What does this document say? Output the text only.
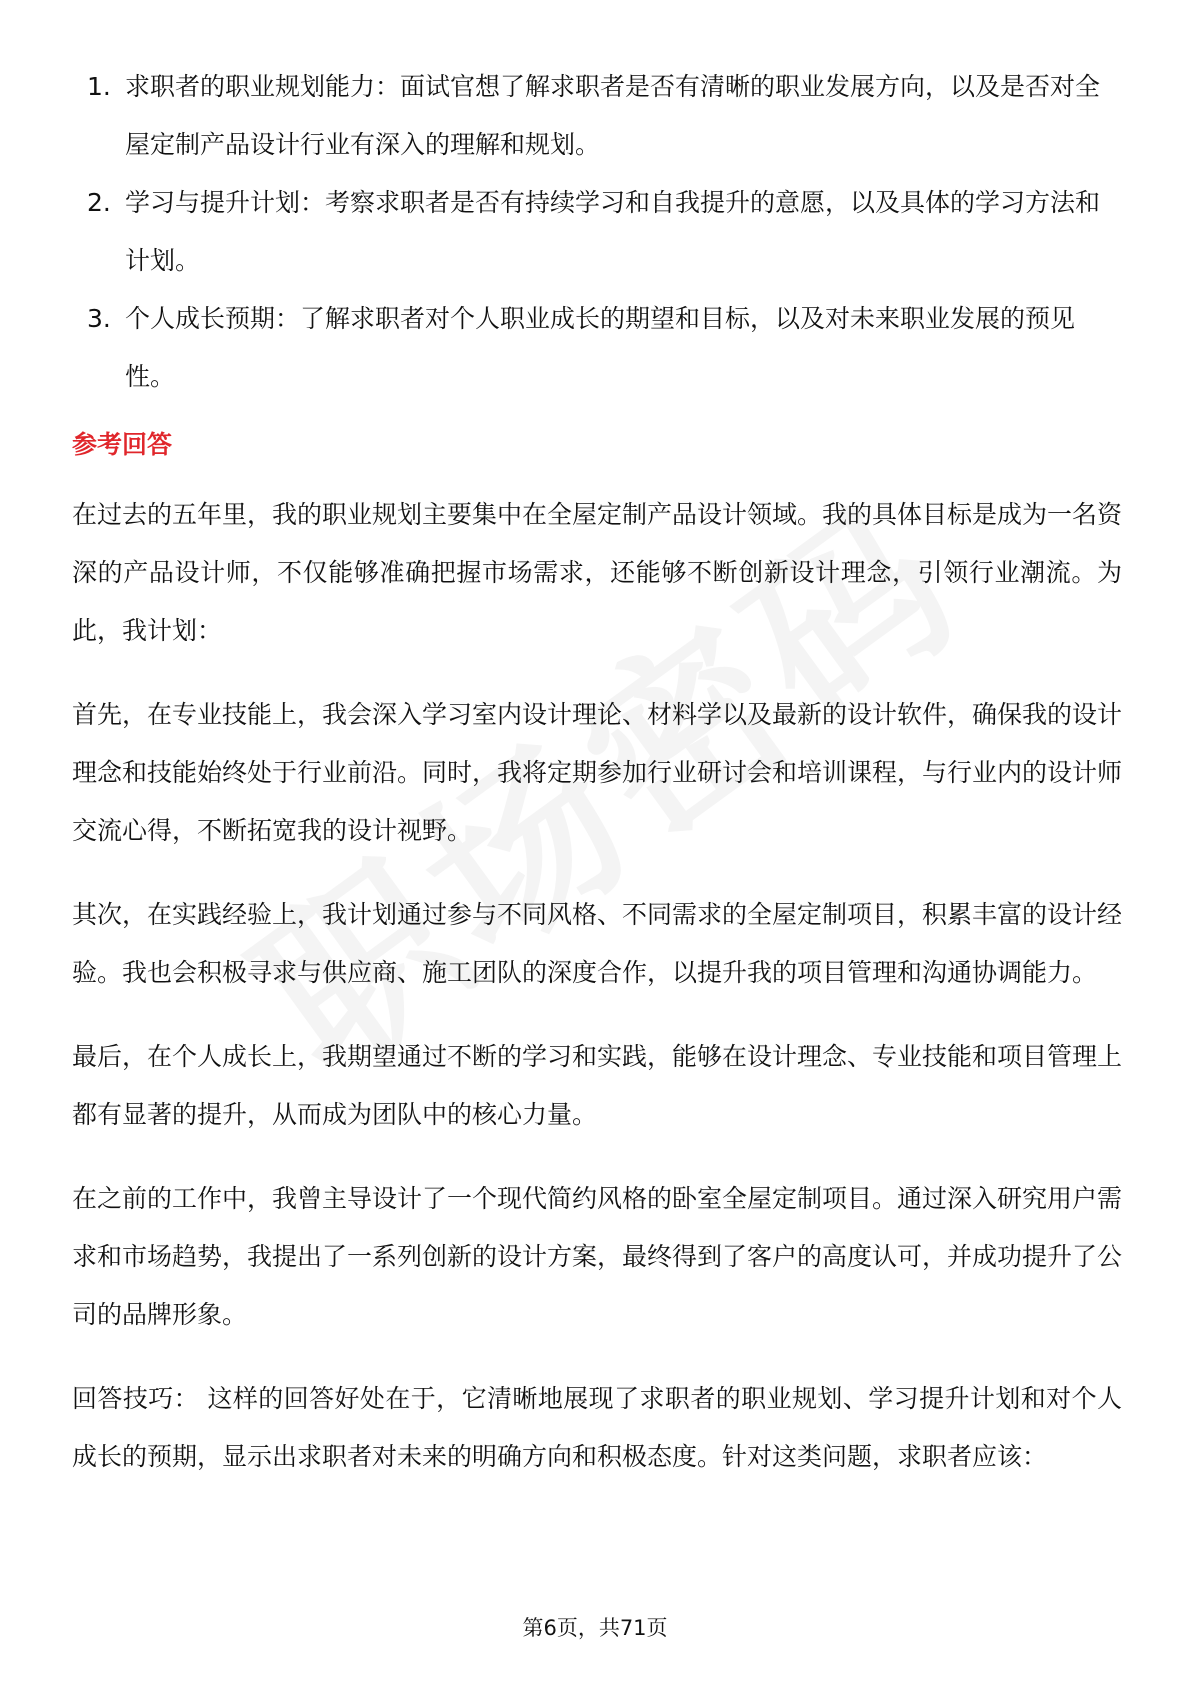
1. 求职者的职业规划能力：面试官想了解求职者是否有清晰的职业发展方向，以及是否对全屋定制产品设计行业有深入的理解和规划。
2. 学习与提升计划：考察求职者是否有持续学习和自我提升的意愿，以及具体的学习方法和计划。
3. 个人成长预期：了解求职者对个人职业成长的期望和目标，以及对未来职业发展的预见性。
参考回答

在过去的五年里，我的职业规划主要集中在全屋定制产品设计领域。我的具体目标是成为一名资深的产品设计师，不仅能够准确把握市场需求，还能够不断创新设计理念，引领行业潮流。为此，我计划：

首先，在专业技能上，我会深入学习室内设计理论、材料学以及最新的设计软件，确保我的设计理念和技能始终处于行业前沿。同时，我将定期参加行业研讨会和培训课程，与行业内的设计师交流心得，不断拓宽我的设计视野。

其次，在实践经验上，我计划通过参与不同风格、不同需求的全屋定制项目，积累丰富的设计经验。我也会积极寻求与供应商、施工团队的深度合作，以提升我的项目管理和沟通协调能力。

最后，在个人成长上，我期望通过不断的学习和实践，能够在设计理念、专业技能和项目管理上都有显著的提升，从而成为团队中的核心力量。

在之前的工作中，我曾主导设计了一个现代简约风格的卧室全屋定制项目。通过深入研究用户需求和市场趋势，我提出了一系列创新的设计方案，最终得到了客户的高度认可，并成功提升了公司的品牌形象。

回答技巧： 这样的回答好处在于，它清晰地展现了求职者的职业规划、学习提升计划和对个人成长的预期，显示出求职者对未来的明确方向和积极态度。针对这类问题，求职者应该：

第6页，共71页
